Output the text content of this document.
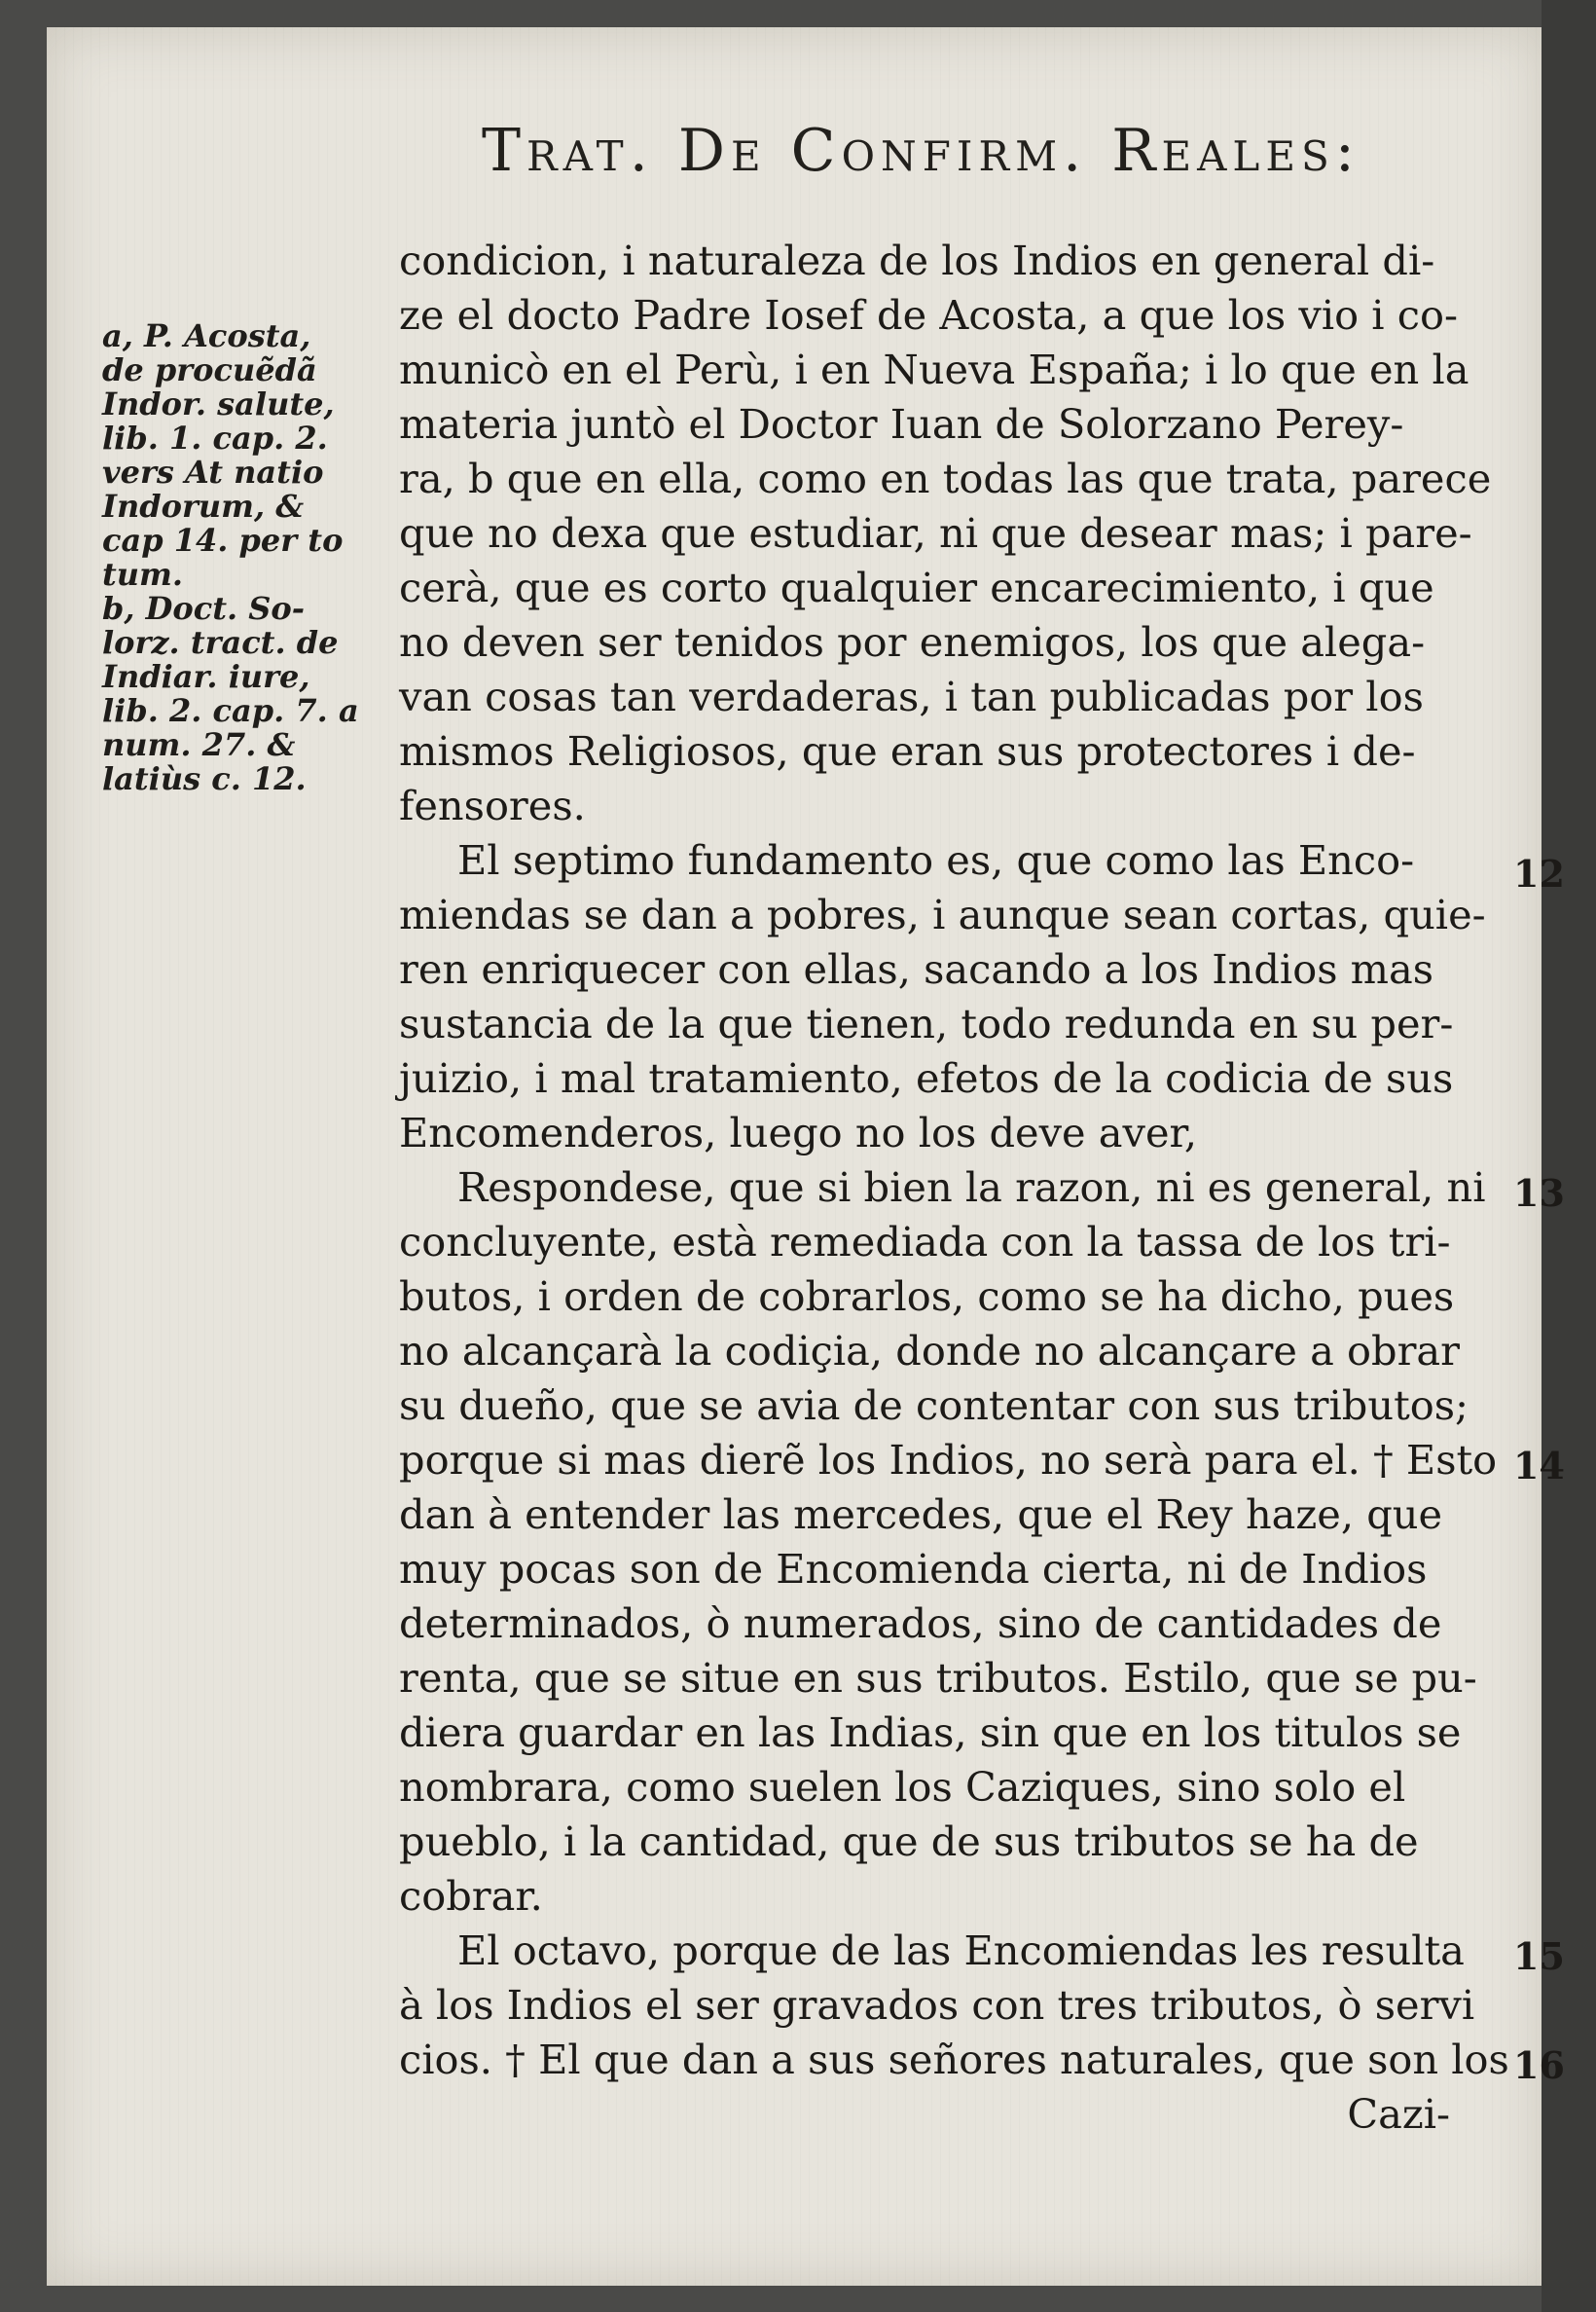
Trat. De Confirm. Reales:
a, P. Acosta,
de procuẽdã
Indor. salute,
lib. 1. cap. 2.
vers At natio
Indorum, &
cap 14. per to
tum.
b, Doct. So-
lorz. tract. de
Indiar. iure,
lib. 2. cap. 7. a
num. 27. &
latiùs c. 12.
condicion, i naturaleza de los Indios en general di-
ze el docto Padre Iosef de Acosta, a que los vio i co-
municò en el Perù, i en Nueva España; i lo que en la
materia juntò el Doctor Iuan de Solorzano Perey-
ra, b que en ella, como en todas las que trata, parece
que no dexa que estudiar, ni que desear mas; i pare-
cerà, que es corto qualquier encarecimiento, i que
no deven ser tenidos por enemigos, los que alega-
van cosas tan verdaderas, i tan publicadas por los
mismos Religiosos, que eran sus protectores i de-
fensores.
El septimo fundamento es, que como las Enco-
miendas se dan a pobres, i aunque sean cortas, quie-
ren enriquecer con ellas, sacando a los Indios mas
sustancia de la que tienen, todo redunda en su per-
juizio, i mal tratamiento, efetos de la codicia de sus
Encomenderos, luego no los deve aver,
Respondese, que si bien la razon, ni es general, ni
concluyente, està remediada con la tassa de los tri-
butos, i orden de cobrarlos, como se ha dicho, pues
no alcançarà la codiçia, donde no alcançare a obrar
su dueño, que se avia de contentar con sus tributos;
porque si mas dierẽ los Indios, no serà para el. † Esto
dan à entender las mercedes, que el Rey haze, que
muy pocas son de Encomienda cierta, ni de Indios
determinados, ò numerados, sino de cantidades de
renta, que se situe en sus tributos. Estilo, que se pu-
diera guardar en las Indias, sin que en los titulos se
nombrara, como suelen los Caziques, sino solo el
pueblo, i la cantidad, que de sus tributos se ha de
cobrar.
El octavo, porque de las Encomiendas les resulta
à los Indios el ser gravados con tres tributos, ò servi
cios. † El que dan a sus señores naturales, que son los
Cazi-
12
13
14
15
16
